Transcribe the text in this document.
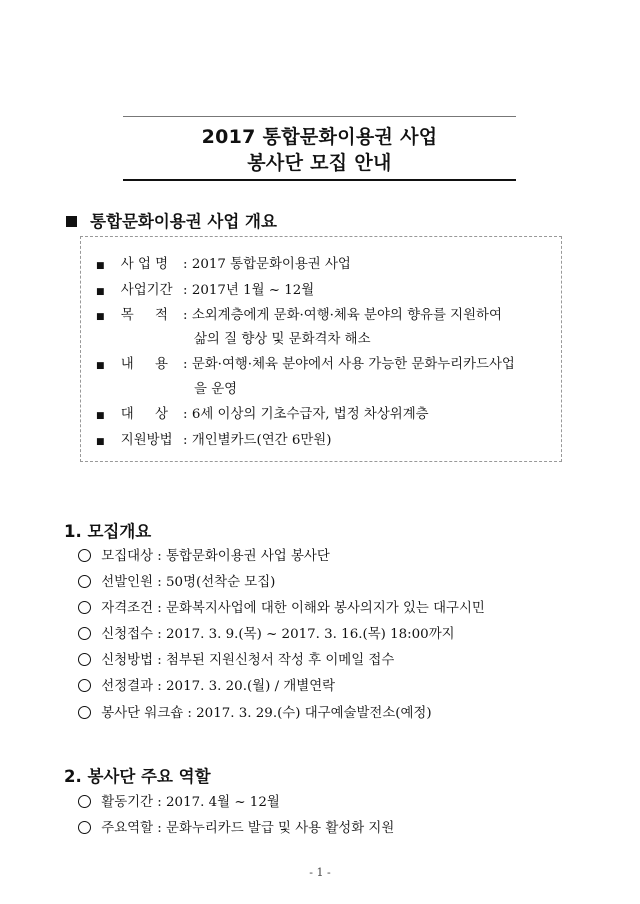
2017 통합문화이용권 사업
봉사단 모집 안내
통합문화이용권 사업 개요
■ 사 업 명 : 2017 통합문화이용권 사업
■ 사업기간 : 2017년 1월 ~ 12월
■ 목     적 : 소외계층에게 문화·여행·체육 분야의 향유를 지원하여
삶의 질 향상 및 문화격차 해소
■ 내     용 : 문화·여행·체육 분야에서 사용 가능한 문화누리카드사업
을 운영
■ 대     상 : 6세 이상의 기초수급자, 법정 차상위계층
■ 지원방법 : 개인별카드(연간 6만원)
1. 모집개요
모집대상 : 통합문화이용권 사업 봉사단
선발인원 : 50명(선착순 모집)
자격조건 : 문화복지사업에 대한 이해와 봉사의지가 있는 대구시민
신청접수 : 2017. 3. 9.(목) ~ 2017. 3. 16.(목) 18:00까지
신청방법 : 첨부된 지원신청서 작성 후 이메일 접수
선정결과 : 2017. 3. 20.(월) / 개별연락
봉사단 워크숍 : 2017. 3. 29.(수) 대구예술발전소(예정)
2. 봉사단 주요 역할
활동기간 : 2017. 4월 ~ 12월
주요역할 : 문화누리카드 발급 및 사용 활성화 지원
- 1 -
